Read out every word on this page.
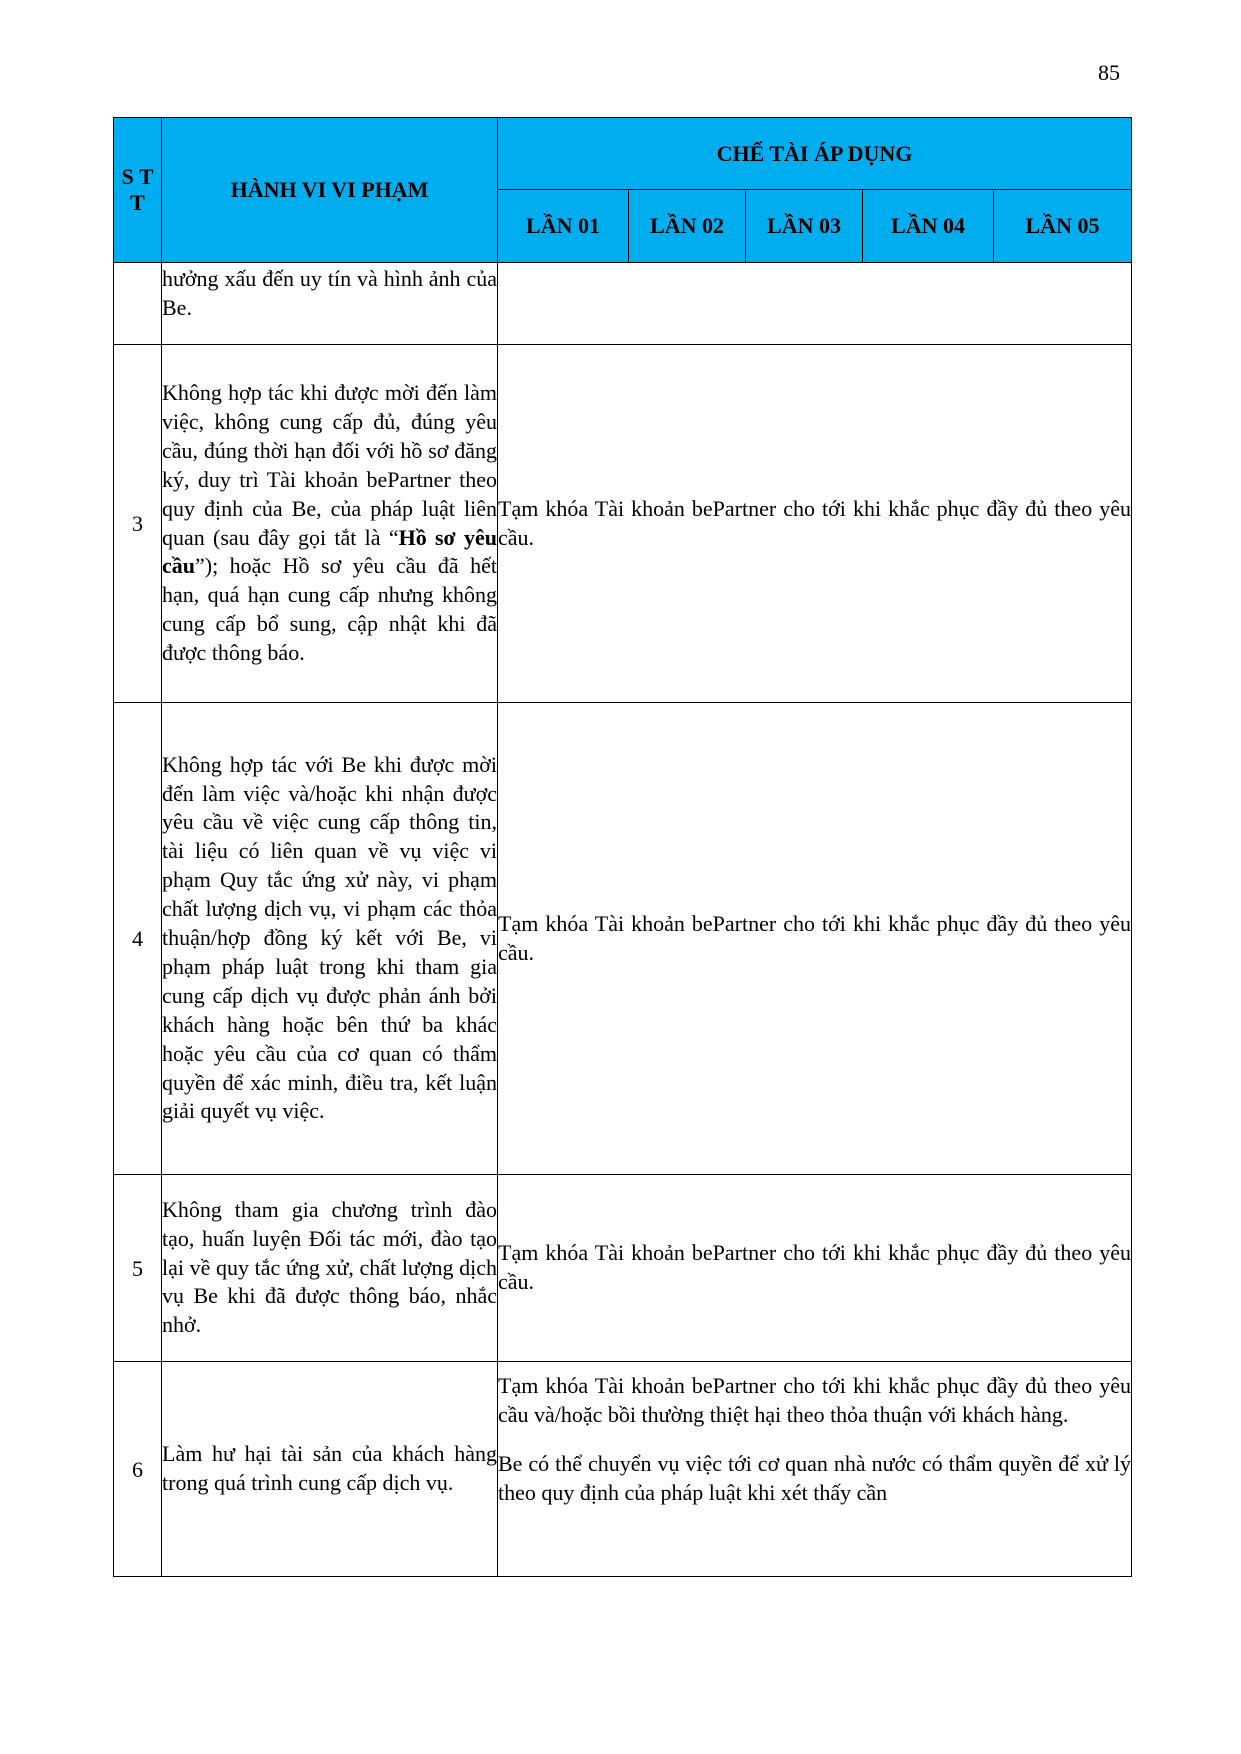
85
S T T	HÀNH VI VI PHẠM	CHẾ TÀI ÁP DỤNG				
		LẦN 01	LẦN 02	LẦN 03	LẦN 04	LẦN 05
	hưởng xấu đến uy tín và hình ảnh của Be.					
3	Không hợp tác khi được mời đến làm việc, không cung cấp đủ, đúng yêu cầu, đúng thời hạn đối với hồ sơ đăng ký, duy trì Tài khoản bePartner theo quy định của Be, của pháp luật liên quan (sau đây gọi tắt là “Hồ sơ yêu cầu”); hoặc Hồ sơ yêu cầu đã hết hạn, quá hạn cung cấp nhưng không cung cấp bổ sung, cập nhật khi đã được thông báo.	Tạm khóa Tài khoản bePartner cho tới khi khắc phục đầy đủ theo yêu cầu.				
4	Không hợp tác với Be khi được mời đến làm việc và/hoặc khi nhận được yêu cầu về việc cung cấp thông tin, tài liệu có liên quan về vụ việc vi phạm Quy tắc ứng xử này, vi phạm chất lượng dịch vụ, vi phạm các thỏa thuận/hợp đồng ký kết với Be, vi phạm pháp luật trong khi tham gia cung cấp dịch vụ được phản ánh bởi khách hàng hoặc bên thứ ba khác hoặc yêu cầu của cơ quan có thẩm quyền để xác minh, điều tra, kết luận giải quyết vụ việc.	Tạm khóa Tài khoản bePartner cho tới khi khắc phục đầy đủ theo yêu cầu.				
5	Không tham gia chương trình đào tạo, huấn luyện Đối tác mới, đào tạo lại về quy tắc ứng xử, chất lượng dịch vụ Be khi đã được thông báo, nhắc nhở.	Tạm khóa Tài khoản bePartner cho tới khi khắc phục đầy đủ theo yêu cầu.				
6	Làm hư hại tài sản của khách hàng trong quá trình cung cấp dịch vụ.	Tạm khóa Tài khoản bePartner cho tới khi khắc phục đầy đủ theo yêu cầu và/hoặc bồi thường thiệt hại theo thỏa thuận với khách hàng.

Be có thể chuyển vụ việc tới cơ quan nhà nước có thẩm quyền để xử lý theo quy định của pháp luật khi xét thấy cần				
